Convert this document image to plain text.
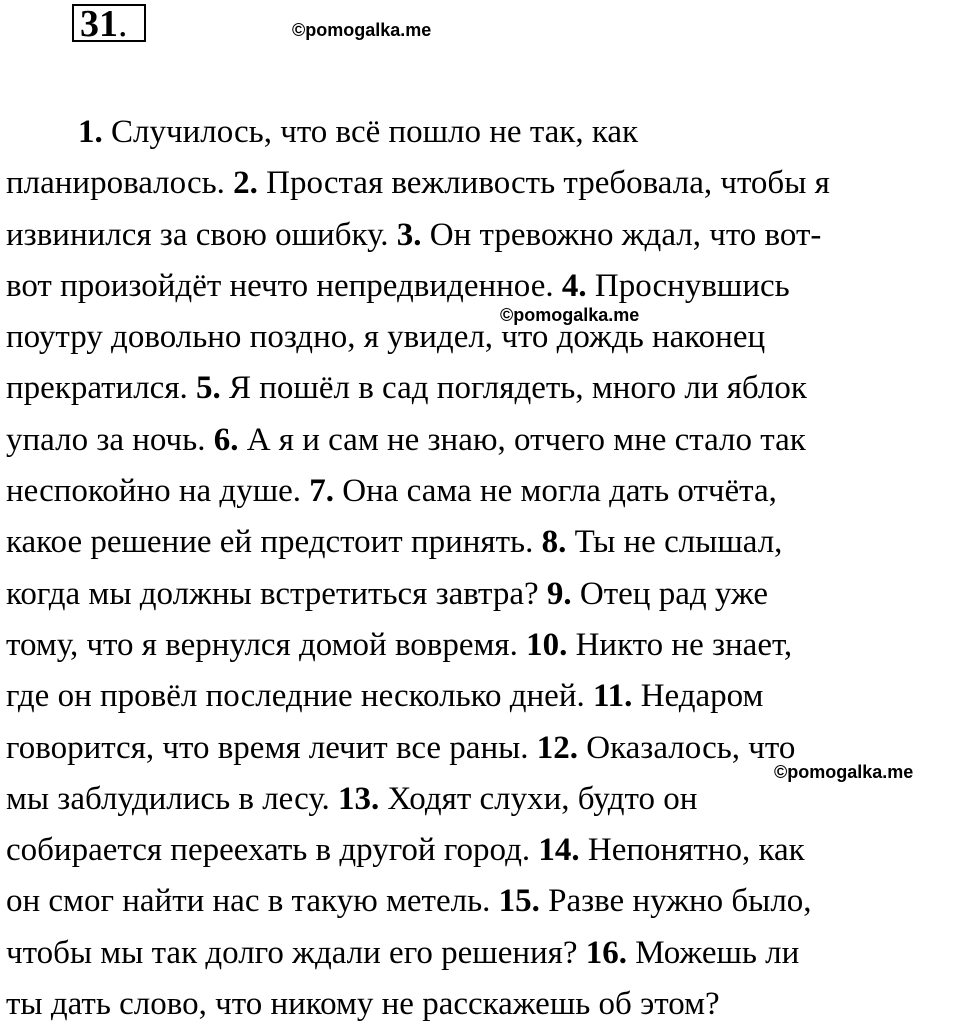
31.	©pomogalka.me
1. Случилось, что всё пошло не так, как
планировалось. 2. Простая вежливость требовала, чтобы я
извинился за свою ошибку. 3. Он тревожно ждал, что вот-
вот произойдёт нечто непредвиденное. 4. Проснувшись
поутру довольно поздно, я увидел, что дождь наконец
прекратился. 5. Я пошёл в сад поглядеть, много ли яблок
упало за ночь. 6. А я и сам не знаю, отчего мне стало так
неспокойно на душе. 7. Она сама не могла дать отчёта,
какое решение ей предстоит принять. 8. Ты не слышал,
когда мы должны встретиться завтра? 9. Отец рад уже
тому, что я вернулся домой вовремя. 10. Никто не знает,
где он провёл последние несколько дней. 11. Недаром
говорится, что время лечит все раны. 12. Оказалось, что
мы заблудились в лесу. 13. Ходят слухи, будто он
собирается переехать в другой город. 14. Непонятно, как
он смог найти нас в такую метель. 15. Разве нужно было,
чтобы мы так долго ждали его решения? 16. Можешь ли
ты дать слово, что никому не расскажешь об этом?
©pomogalka.me
©pomogalka.me
